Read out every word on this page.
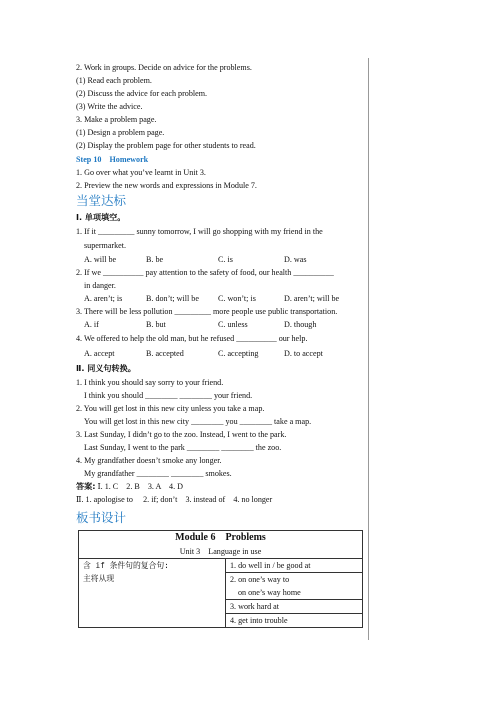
2. Work in groups. Decide on advice for the problems.
(1) Read each problem.
(2) Discuss the advice for each problem.
(3) Write the advice.
3. Make a problem page.
(1) Design a problem page.
(2) Display the problem page for other students to read.
Step 10　Homework
1. Go over what you’ve learnt in Unit 3.
2. Preview the new words and expressions in Module 7.
当堂达标
Ⅰ. 单项填空。
1. If it _________ sunny tomorrow, I will go shopping with my friend in the
supermarket.
A. will be	B. be	C. is	D. was
2. If we __________ pay attention to the safety of food, our health __________
in danger.
A. aren’t; is	B. don’t; will be C. won’t; is	D. aren’t; will be
3. There will be less pollution _________ more people use public transportation.
A. if	B. but	C. unless	D. though
4. We offered to help the old man, but he refused __________ our help.
A. accept	B. accepted	C. accepting	D. to accept
Ⅱ. 同义句转换。
1. I think you should say sorry to your friend.
I think you should ________ ________ your friend.
2. You will get lost in this new city unless you take a map.
You will get lost in this new city ________ you ________ take a map.
3. Last Sunday, I didn’t go to the zoo. Instead, I went to the park.
Last Sunday, I went to the park ________ ________ the zoo.
4. My grandfather doesn’t smoke any longer.
My grandfather ________ ________ smokes.
答案: Ⅰ. 1. C　2. B　3. A　4. D
Ⅱ. 1. apologise to　 2. if; don’t　3. instead of　4. no longer
板书设计
Module 6　Problems
Unit 3　Language in use

含 if 条件句的复合句:
主将从现

1. do well in / be good at
2. on one’s way to
on one’s way home
3. work hard at
4. get into trouble
